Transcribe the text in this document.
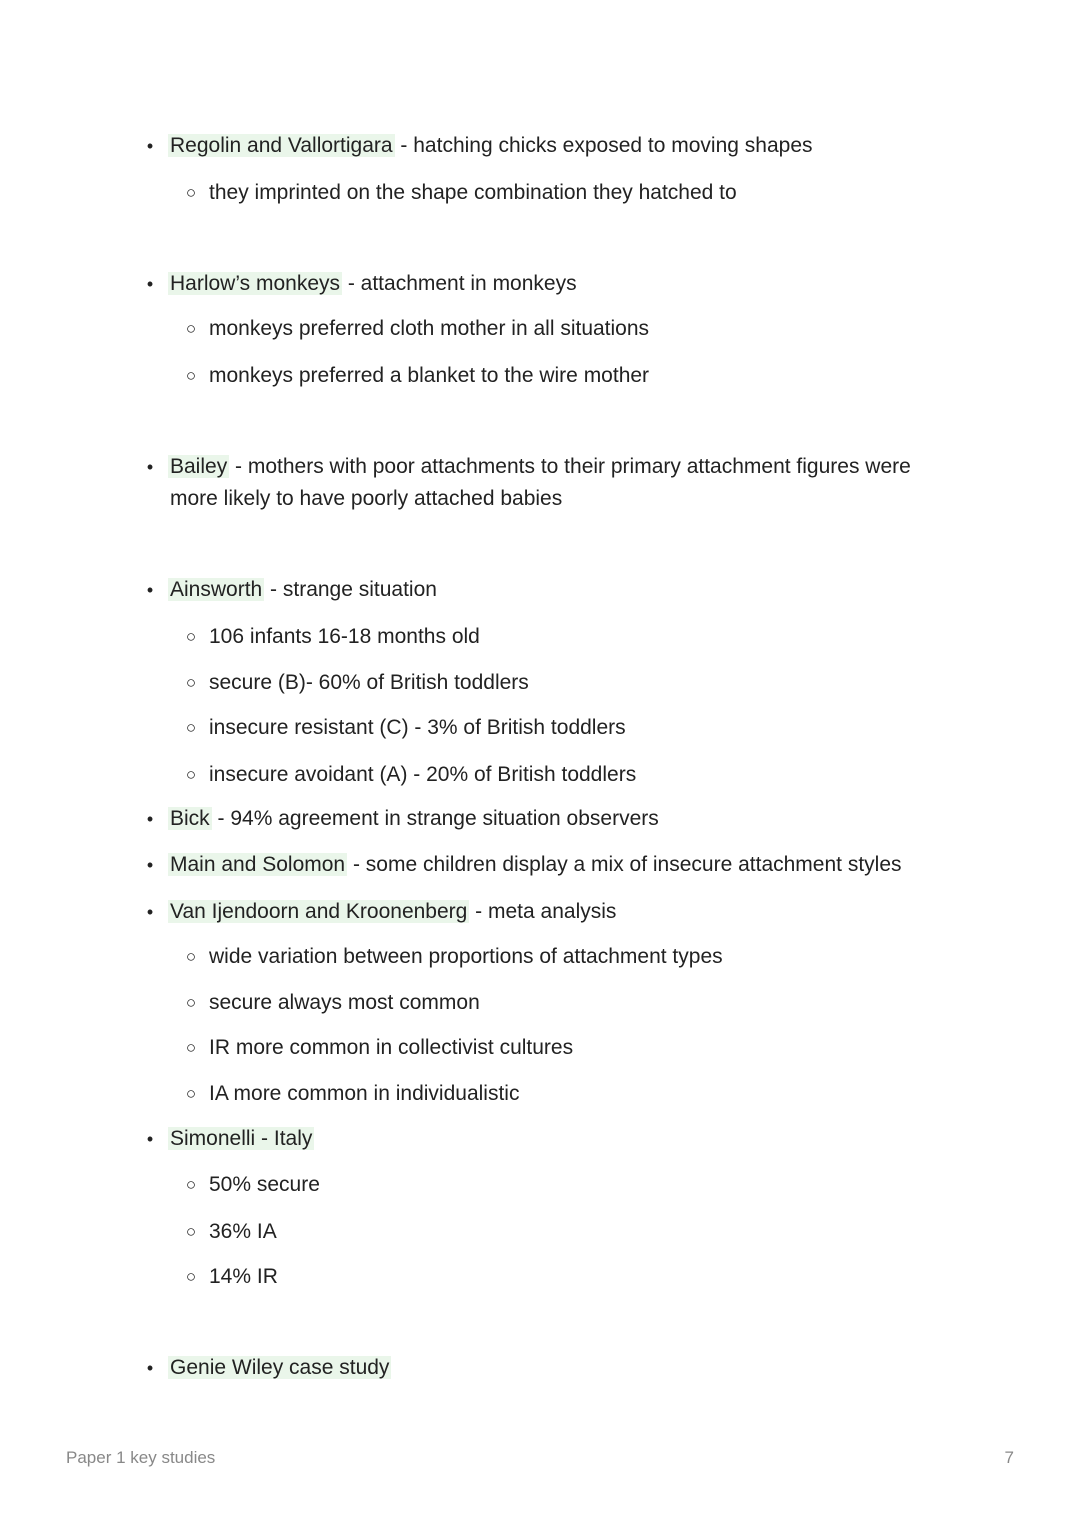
• Regolin and Vallortigara - hatching chicks exposed to moving shapes
○ they imprinted on the shape combination they hatched to
• Harlow’s monkeys - attachment in monkeys
○ monkeys preferred cloth mother in all situations
○ monkeys preferred a blanket to the wire mother
• Bailey - mothers with poor attachments to their primary attachment figures were
more likely to have poorly attached babies
• Ainsworth - strange situation
○ 106 infants 16-18 months old
○ secure (B)- 60% of British toddlers
○ insecure resistant (C) - 3% of British toddlers
○ insecure avoidant (A) - 20% of British toddlers
• Bick - 94% agreement in strange situation observers
• Main and Solomon - some children display a mix of insecure attachment styles
• Van Ijendoorn and Kroonenberg - meta analysis
○ wide variation between proportions of attachment types
○ secure always most common
○ IR more common in collectivist cultures
○ IA more common in individualistic
• Simonelli - Italy
○ 50% secure
○ 36% IA
○ 14% IR
• Genie Wiley case study
Paper 1 key studies	7
